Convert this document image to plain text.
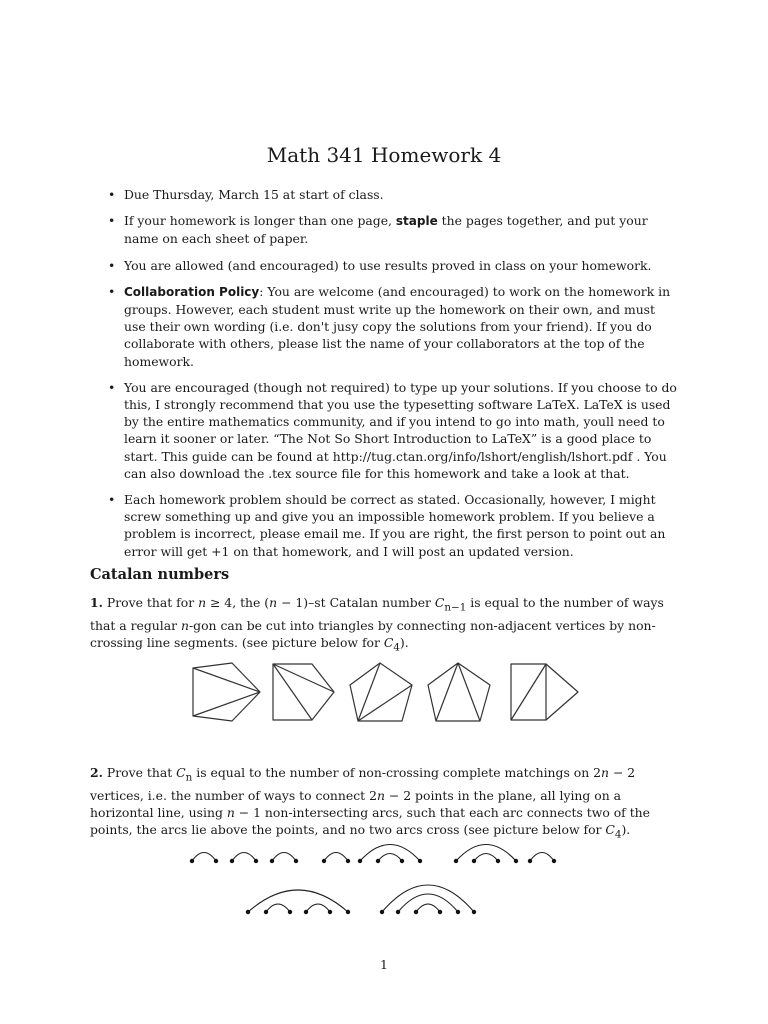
Math 341 Homework 4
• Due Thursday, March 15 at start of class.
• If your homework is longer than one page, staple the pages together, and put your name on each sheet of paper.
• You are allowed (and encouraged) to use results proved in class on your homework.
• Collaboration Policy: You are welcome (and encouraged) to work on the homework in groups. However, each student must write up the homework on their own, and must use their own wording (i.e. don't jusy copy the solutions from your friend). If you do collaborate with others, please list the name of your collaborators at the top of the homework.
• You are encouraged (though not required) to type up your solutions. If you choose to do this, I strongly recommend that you use the typesetting software LaTeX. LaTeX is used by the entire mathematics community, and if you intend to go into math, youll need to learn it sooner or later. “The Not So Short Introduction to LaTeX” is a good place to start. This guide can be found at http://tug.ctan.org/info/lshort/english/lshort.pdf . You can also download the .tex source file for this homework and take a look at that.
• Each homework problem should be correct as stated. Occasionally, however, I might screw something up and give you an impossible homework problem. If you believe a problem is incorrect, please email me. If you are right, the first person to point out an error will get +1 on that homework, and I will post an updated version.
Catalan numbers
1. Prove that for n ≥ 4, the (n − 1)–st Catalan number $C_{n-1}$ is equal to the number of ways that a regular n-gon can be cut into triangles by connecting non-adjacent vertices by non-crossing line segments. (see picture below for $C_4$).
2. Prove that $C_n$ is equal to the number of non-crossing complete matchings on 2n − 2 vertices, i.e. the number of ways to connect 2n − 2 points in the plane, all lying on a horizontal line, using n − 1 non-intersecting arcs, such that each arc connects two of the points, the arcs lie above the points, and no two arcs cross (see picture below for $C_4$).
1
